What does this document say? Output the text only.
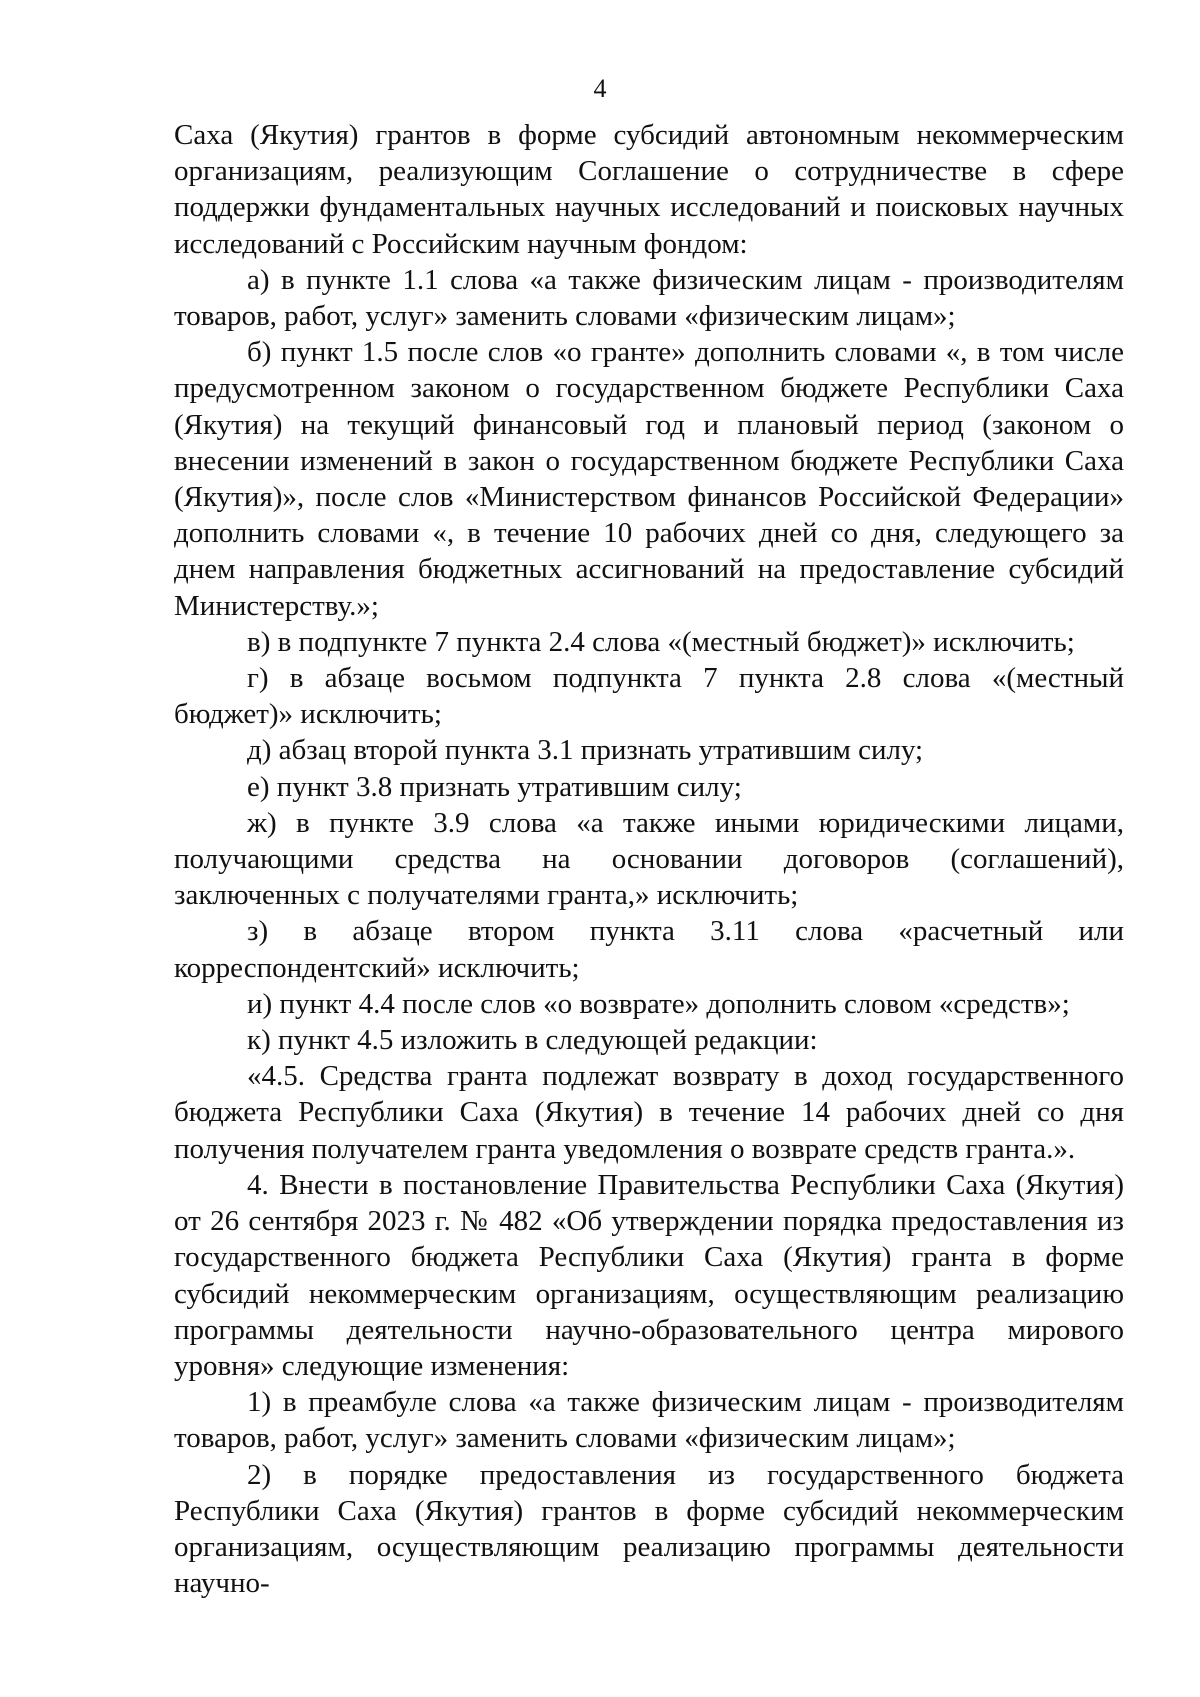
4

Саха (Якутия) грантов в форме субсидий автономным некоммерческим организациям, реализующим Соглашение о сотрудничестве в сфере поддержки фундаментальных научных исследований и поисковых научных исследований с Российским научным фондом:

а) в пункте 1.1 слова «а также физическим лицам - производителям товаров, работ, услуг» заменить словами «физическим лицам»;

б) пункт 1.5 после слов «о гранте» дополнить словами «, в том числе предусмотренном законом о государственном бюджете Республики Саха (Якутия) на текущий финансовый год и плановый период (законом о внесении изменений в закон о государственном бюджете Республики Саха (Якутия)», после слов «Министерством финансов Российской Федерации» дополнить словами «, в течение 10 рабочих дней со дня, следующего за днем направления бюджетных ассигнований на предоставление субсидий Министерству.»;

в) в подпункте 7 пункта 2.4 слова «(местный бюджет)» исключить;

г) в абзаце восьмом подпункта 7 пункта 2.8 слова «(местный бюджет)» исключить;

д) абзац второй пункта 3.1 признать утратившим силу;

е) пункт 3.8 признать утратившим силу;

ж) в пункте 3.9 слова «а также иными юридическими лицами, получающими средства на основании договоров (соглашений), заключенных с получателями гранта,» исключить;

з) в абзаце втором пункта 3.11 слова «расчетный или корреспондентский» исключить;

и) пункт 4.4 после слов «о возврате» дополнить словом «средств»;

к) пункт 4.5 изложить в следующей редакции:

«4.5. Средства гранта подлежат возврату в доход государственного бюджета Республики Саха (Якутия) в течение 14 рабочих дней со дня получения получателем гранта уведомления о возврате средств гранта.».

4. Внести в постановление Правительства Республики Саха (Якутия) от 26 сентября 2023 г. № 482 «Об утверждении порядка предоставления из государственного бюджета Республики Саха (Якутия) гранта в форме субсидий некоммерческим организациям, осуществляющим реализацию программы деятельности научно-образовательного центра мирового уровня» следующие изменения:

1) в преамбуле слова «а также физическим лицам - производителям товаров, работ, услуг» заменить словами «физическим лицам»;

2) в порядке предоставления из государственного бюджета Республики Саха (Якутия) грантов в форме субсидий некоммерческим организациям, осуществляющим реализацию программы деятельности научно-
